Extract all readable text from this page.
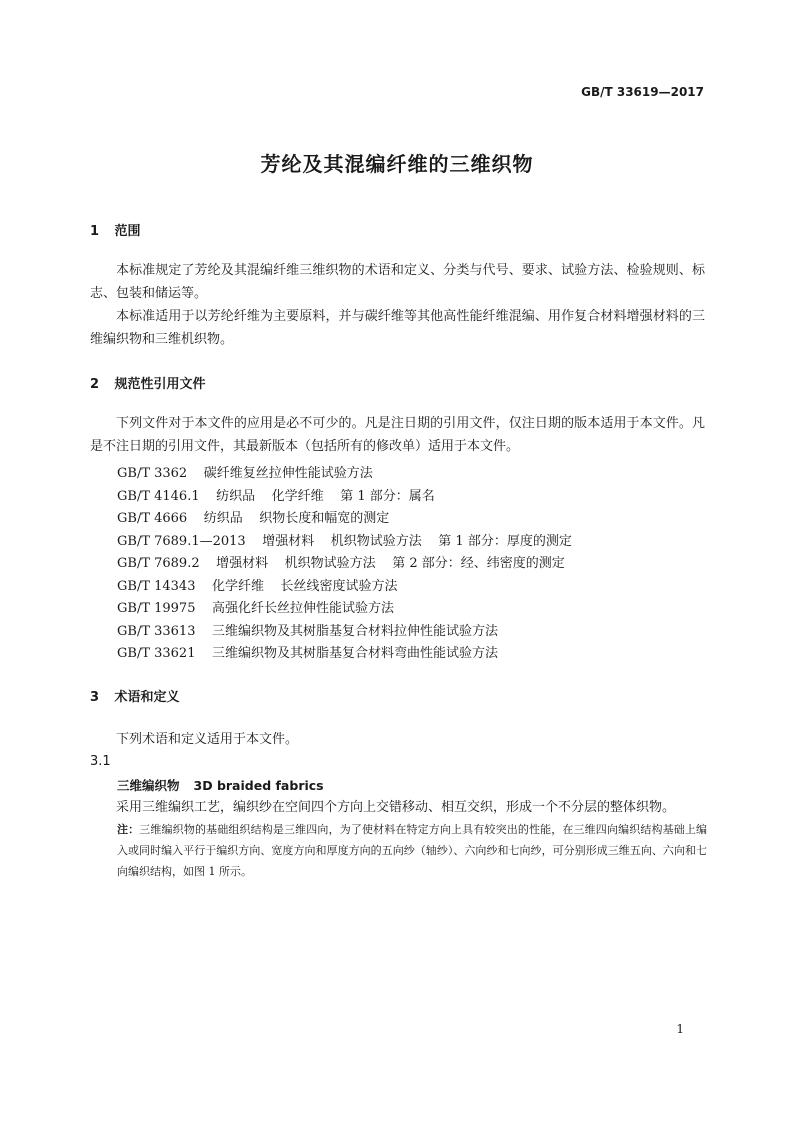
GB/T 33619—2017
芳纶及其混编纤维的三维织物
1 范围
本标准规定了芳纶及其混编纤维三维织物的术语和定义、分类与代号、要求、试验方法、检验规则、标志、包装和储运等。
本标准适用于以芳纶纤维为主要原料，并与碳纤维等其他高性能纤维混编、用作复合材料增强材料的三维编织物和三维机织物。
2 规范性引用文件
下列文件对于本文件的应用是必不可少的。凡是注日期的引用文件，仅注日期的版本适用于本文件。凡是不注日期的引用文件，其最新版本（包括所有的修改单）适用于本文件。
GB/T 3362    碳纤维复丝拉伸性能试验方法
GB/T 4146.1    纺织品    化学纤维    第 1 部分：属名
GB/T 4666    纺织品    织物长度和幅宽的测定
GB/T 7689.1—2013    增强材料    机织物试验方法    第 1 部分：厚度的测定
GB/T 7689.2    增强材料    机织物试验方法    第 2 部分：经、纬密度的测定
GB/T 14343    化学纤维    长丝线密度试验方法
GB/T 19975    高强化纤长丝拉伸性能试验方法
GB/T 33613    三维编织物及其树脂基复合材料拉伸性能试验方法
GB/T 33621    三维编织物及其树脂基复合材料弯曲性能试验方法
3 术语和定义
下列术语和定义适用于本文件。
3.1
三维编织物 3D braided fabrics
采用三维编织工艺，编织纱在空间四个方向上交错移动、相互交织，形成一个不分层的整体织物。
注：三维编织物的基础组织结构是三维四向，为了使材料在特定方向上具有较突出的性能，在三维四向编织结构基础上编入或同时编入平行于编织方向、宽度方向和厚度方向的五向纱（轴纱）、六向纱和七向纱，可分别形成三维五向、六向和七向编织结构，如图 1 所示。
1
